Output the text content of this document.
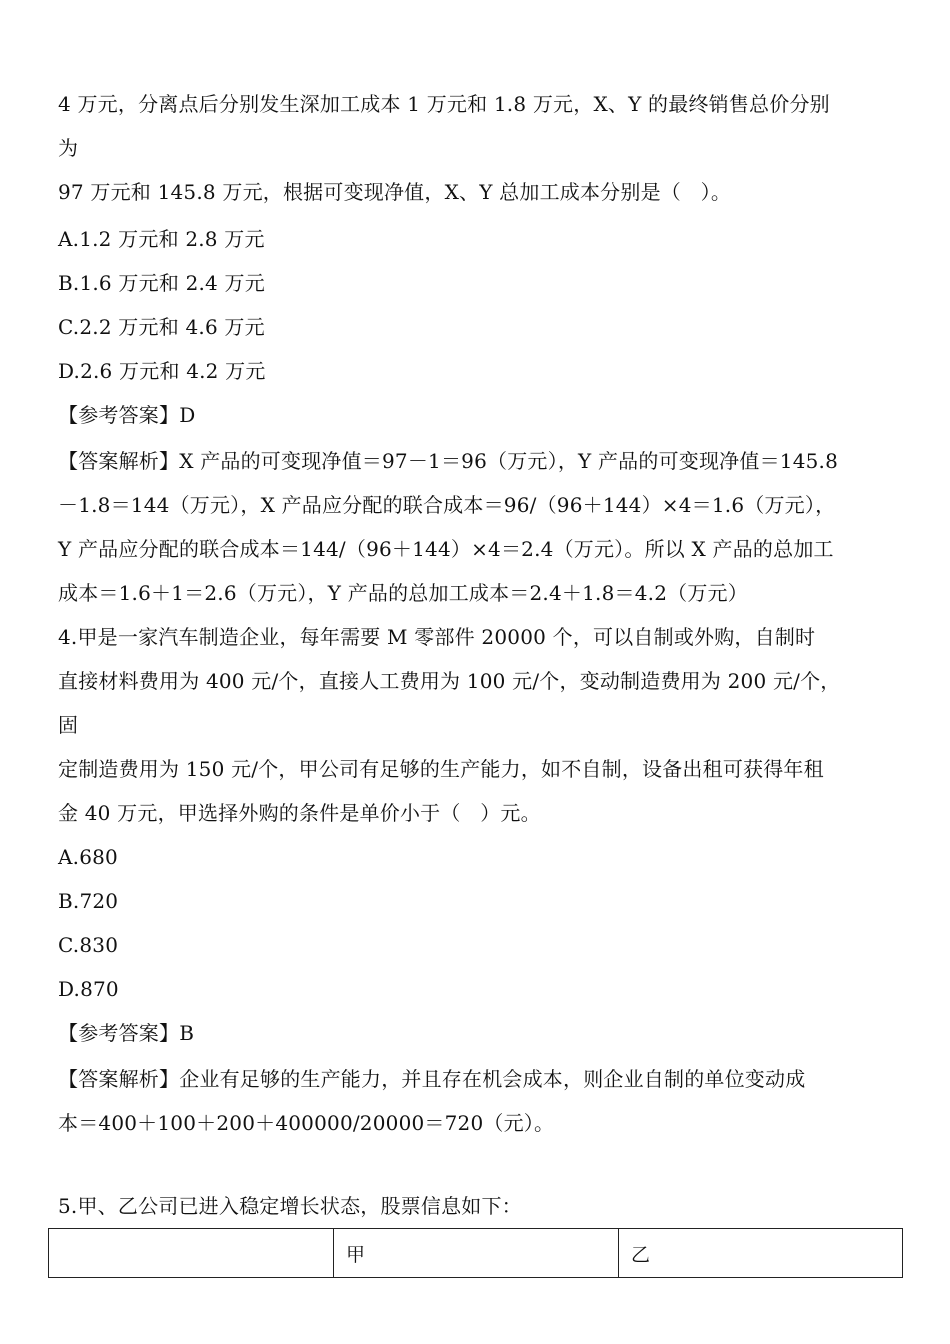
4 万元，分离点后分别发生深加工成本 1 万元和 1.8 万元，X、Y 的最终销售总价分别
为
97 万元和 145.8 万元，根据可变现净值，X、Y 总加工成本分别是（   ）。
A.1.2 万元和 2.8 万元
B.1.6 万元和 2.4 万元
C.2.2 万元和 4.6 万元
D.2.6 万元和 4.2 万元
【参考答案】D
【答案解析】X 产品的可变现净值＝97－1＝96（万元），Y 产品的可变现净值＝145.8
－1.8＝144（万元），X 产品应分配的联合成本＝96/（96＋144）×4＝1.6（万元），
Y 产品应分配的联合成本＝144/（96＋144）×4＝2.4（万元）。所以 X 产品的总加工
成本＝1.6＋1＝2.6（万元），Y 产品的总加工成本＝2.4＋1.8＝4.2（万元）
4.甲是一家汽车制造企业，每年需要 M 零部件 20000 个，可以自制或外购，自制时
直接材料费用为 400 元/个，直接人工费用为 100 元/个，变动制造费用为 200 元/个，
固
定制造费用为 150 元/个，甲公司有足够的生产能力，如不自制，设备出租可获得年租
金 40 万元，甲选择外购的条件是单价小于（   ）元。
A.680
B.720
C.830
D.870
【参考答案】B
【答案解析】企业有足够的生产能力，并且存在机会成本，则企业自制的单位变动成
本＝400＋100＋200＋400000/20000＝720（元）。
5.甲、乙公司已进入稳定增长状态，股票信息如下：
	甲	乙
